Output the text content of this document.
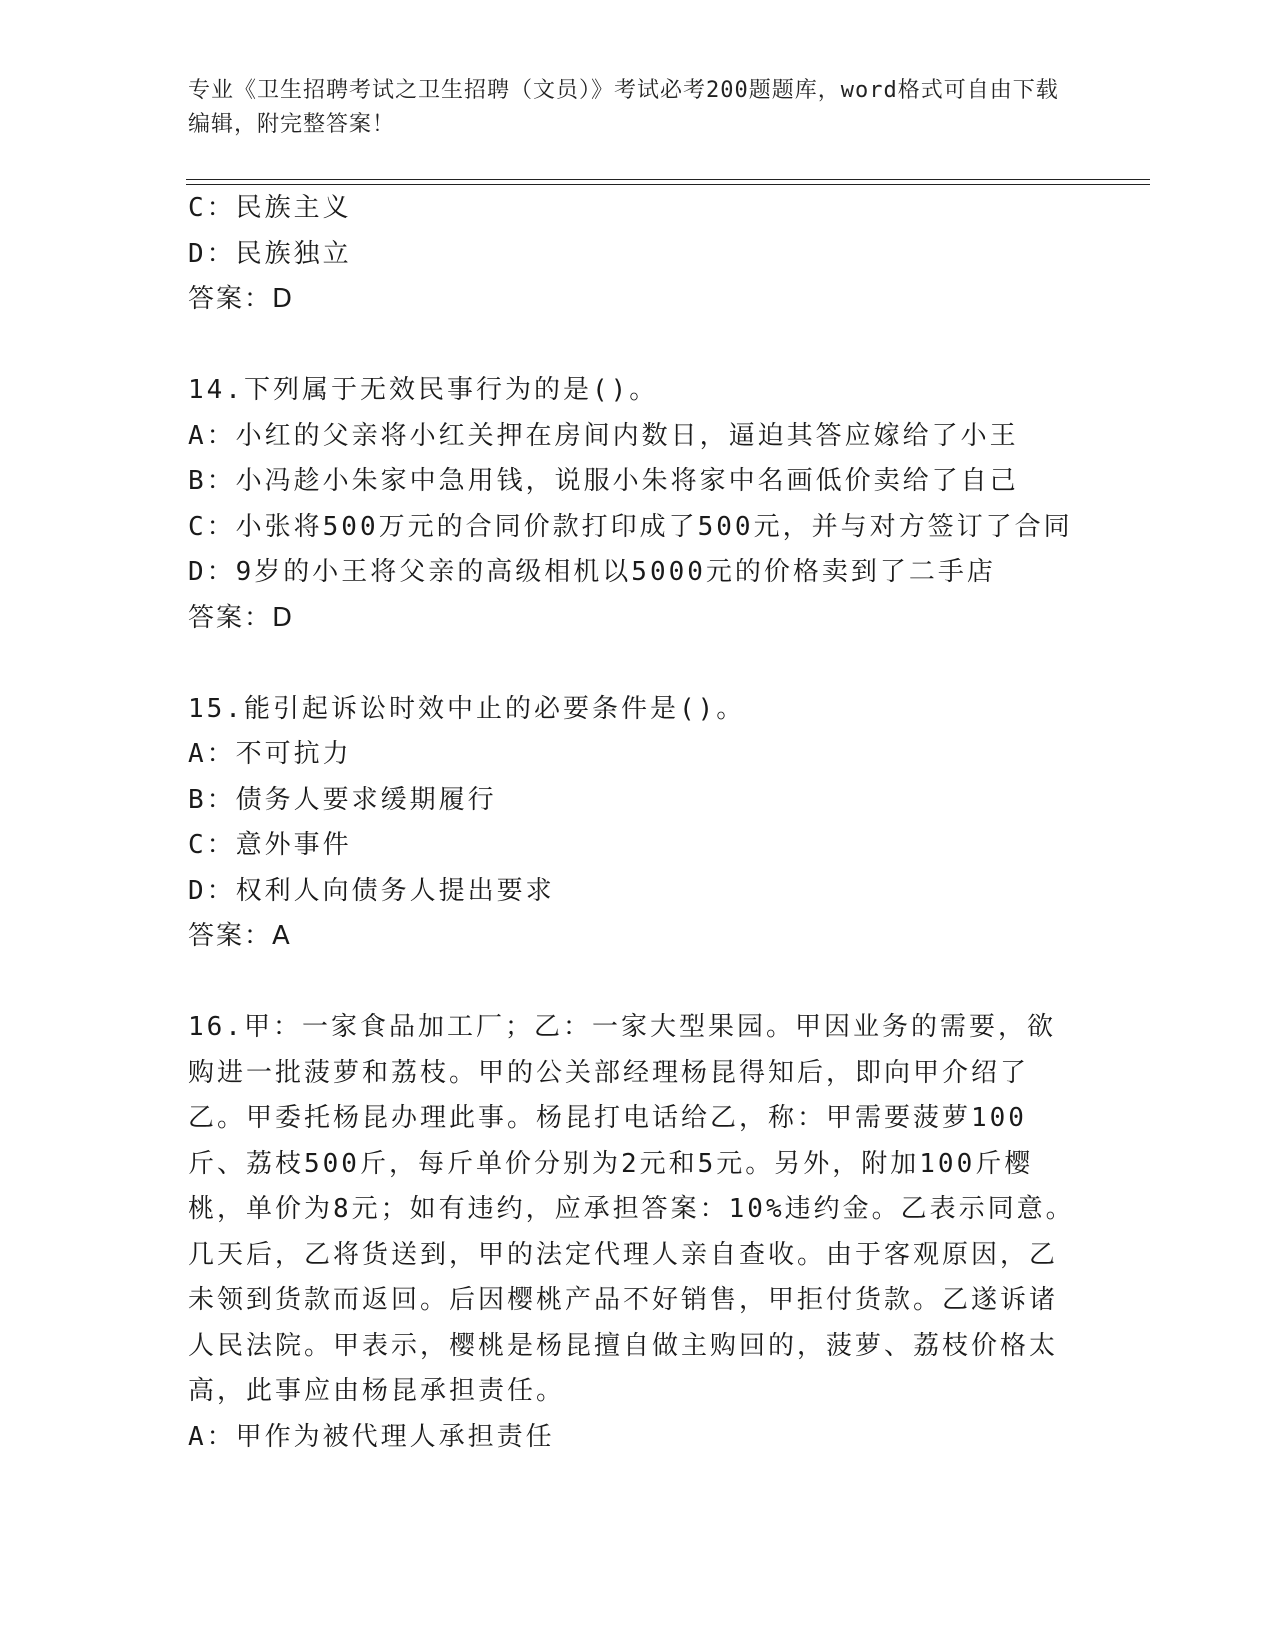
专业《卫生招聘考试之卫生招聘（文员）》考试必考200题题库，word格式可自由下载编辑，附完整答案！
C：民族主义
D：民族独立
答案：D
14.下列属于无效民事行为的是()。
A：小红的父亲将小红关押在房间内数日，逼迫其答应嫁给了小王
B：小冯趁小朱家中急用钱，说服小朱将家中名画低价卖给了自己
C：小张将500万元的合同价款打印成了500元，并与对方签订了合同
D：9岁的小王将父亲的高级相机以5000元的价格卖到了二手店
答案：D
15.能引起诉讼时效中止的必要条件是()。
A：不可抗力
B：债务人要求缓期履行
C：意外事件
D：权利人向债务人提出要求
答案：A
16.甲：一家食品加工厂；乙：一家大型果园。甲因业务的需要，欲购进一批菠萝和荔枝。甲的公关部经理杨昆得知后，即向甲介绍了乙。甲委托杨昆办理此事。杨昆打电话给乙，称：甲需要菠萝100斤、荔枝500斤，每斤单价分别为2元和5元。另外，附加100斤樱桃，单价为8元；如有违约，应承担答案：10%违约金。乙表示同意。几天后，乙将货送到，甲的法定代理人亲自查收。由于客观原因，乙未领到货款而返回。后因樱桃产品不好销售，甲拒付货款。乙遂诉诸人民法院。甲表示，樱桃是杨昆擅自做主购回的，菠萝、荔枝价格太高，此事应由杨昆承担责任。
A：甲作为被代理人承担责任
